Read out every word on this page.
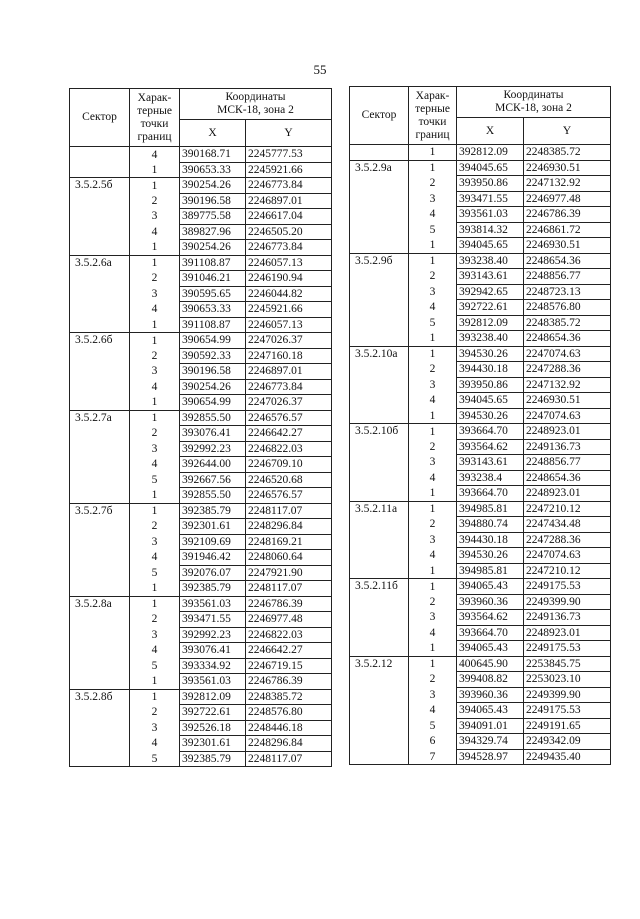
55
Сектор	Харак-
терные
точки
границ	Координаты
МСК-18, зона 2	
		X	Y
	4	390168.71	2245777.53
	1	390653.33	2245921.66
3.5.2.5б	1	390254.26	2246773.84
	2	390196.58	2246897.01
	3	389775.58	2246617.04
	4	389827.96	2246505.20
	1	390254.26	2246773.84
3.5.2.6а	1	391108.87	2246057.13
	2	391046.21	2246190.94
	3	390595.65	2246044.82
	4	390653.33	2245921.66
	1	391108.87	2246057.13
3.5.2.6б	1	390654.99	2247026.37
	2	390592.33	2247160.18
	3	390196.58	2246897.01
	4	390254.26	2246773.84
	1	390654.99	2247026.37
3.5.2.7а	1	392855.50	2246576.57
	2	393076.41	2246642.27
	3	392992.23	2246822.03
	4	392644.00	2246709.10
	5	392667.56	2246520.68
	1	392855.50	2246576.57
3.5.2.7б	1	392385.79	2248117.07
	2	392301.61	2248296.84
	3	392109.69	2248169.21
	4	391946.42	2248060.64
	5	392076.07	2247921.90
	1	392385.79	2248117.07
3.5.2.8а	1	393561.03	2246786.39
	2	393471.55	2246977.48
	3	392992.23	2246822.03
	4	393076.41	2246642.27
	5	393334.92	2246719.15
	1	393561.03	2246786.39
3.5.2.8б	1	392812.09	2248385.72
	2	392722.61	2248576.80
	3	392526.18	2248446.18
	4	392301.61	2248296.84
	5	392385.79	2248117.07
Сектор	Харак-
терные
точки
границ	Координаты
МСК-18, зона 2	
		X	Y
	1	392812.09	2248385.72
3.5.2.9а	1	394045.65	2246930.51
	2	393950.86	2247132.92
	3	393471.55	2246977.48
	4	393561.03	2246786.39
	5	393814.32	2246861.72
	1	394045.65	2246930.51
3.5.2.9б	1	393238.40	2248654.36
	2	393143.61	2248856.77
	3	392942.65	2248723.13
	4	392722.61	2248576.80
	5	392812.09	2248385.72
	1	393238.40	2248654.36
3.5.2.10а	1	394530.26	2247074.63
	2	394430.18	2247288.36
	3	393950.86	2247132.92
	4	394045.65	2246930.51
	1	394530.26	2247074.63
3.5.2.10б	1	393664.70	2248923.01
	2	393564.62	2249136.73
	3	393143.61	2248856.77
	4	393238.4	2248654.36
	1	393664.70	2248923.01
3.5.2.11а	1	394985.81	2247210.12
	2	394880.74	2247434.48
	3	394430.18	2247288.36
	4	394530.26	2247074.63
	1	394985.81	2247210.12
3.5.2.11б	1	394065.43	2249175.53
	2	393960.36	2249399.90
	3	393564.62	2249136.73
	4	393664.70	2248923.01
	1	394065.43	2249175.53
3.5.2.12	1	400645.90	2253845.75
	2	399408.82	2253023.10
	3	393960.36	2249399.90
	4	394065.43	2249175.53
	5	394091.01	2249191.65
	6	394329.74	2249342.09
	7	394528.97	2249435.40
